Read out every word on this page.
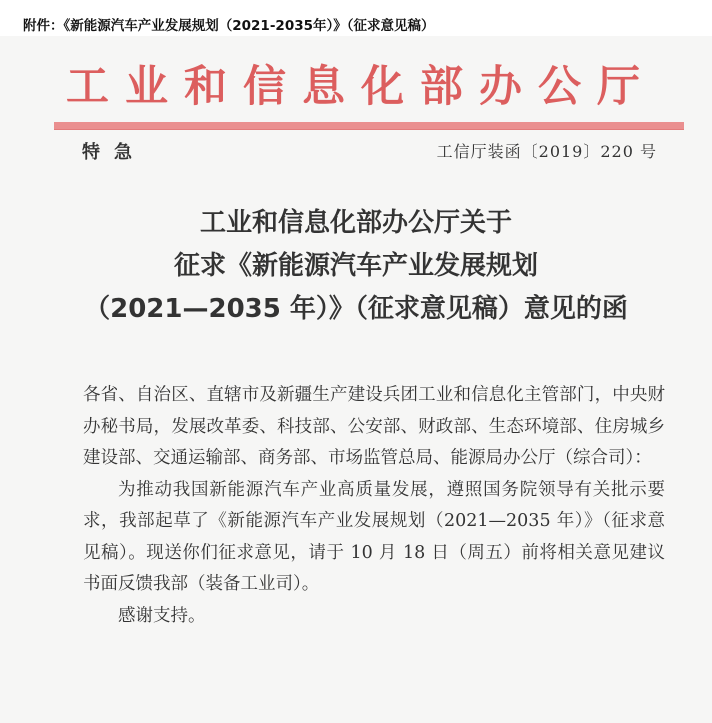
附件：《新能源汽车产业发展规划（2021-2035年）》（征求意见稿）
工业和信息化部办公厅
特急	工信厅装函〔2019〕220 号
工业和信息化部办公厅关于
征求《新能源汽车产业发展规划
（2021—2035 年）》（征求意见稿）意见的函

各省、自治区、直辖市及新疆生产建设兵团工业和信息化主管部门，中央财办秘书局，发展改革委、科技部、公安部、财政部、生态环境部、住房城乡建设部、交通运输部、商务部、市场监管总局、能源局办公厅（综合司）：

为推动我国新能源汽车产业高质量发展，遵照国务院领导有关批示要求，我部起草了《新能源汽车产业发展规划（2021—2035 年）》（征求意见稿）。现送你们征求意见，请于 10 月 18 日（周五）前将相关意见建议书面反馈我部（装备工业司）。

感谢支持。
